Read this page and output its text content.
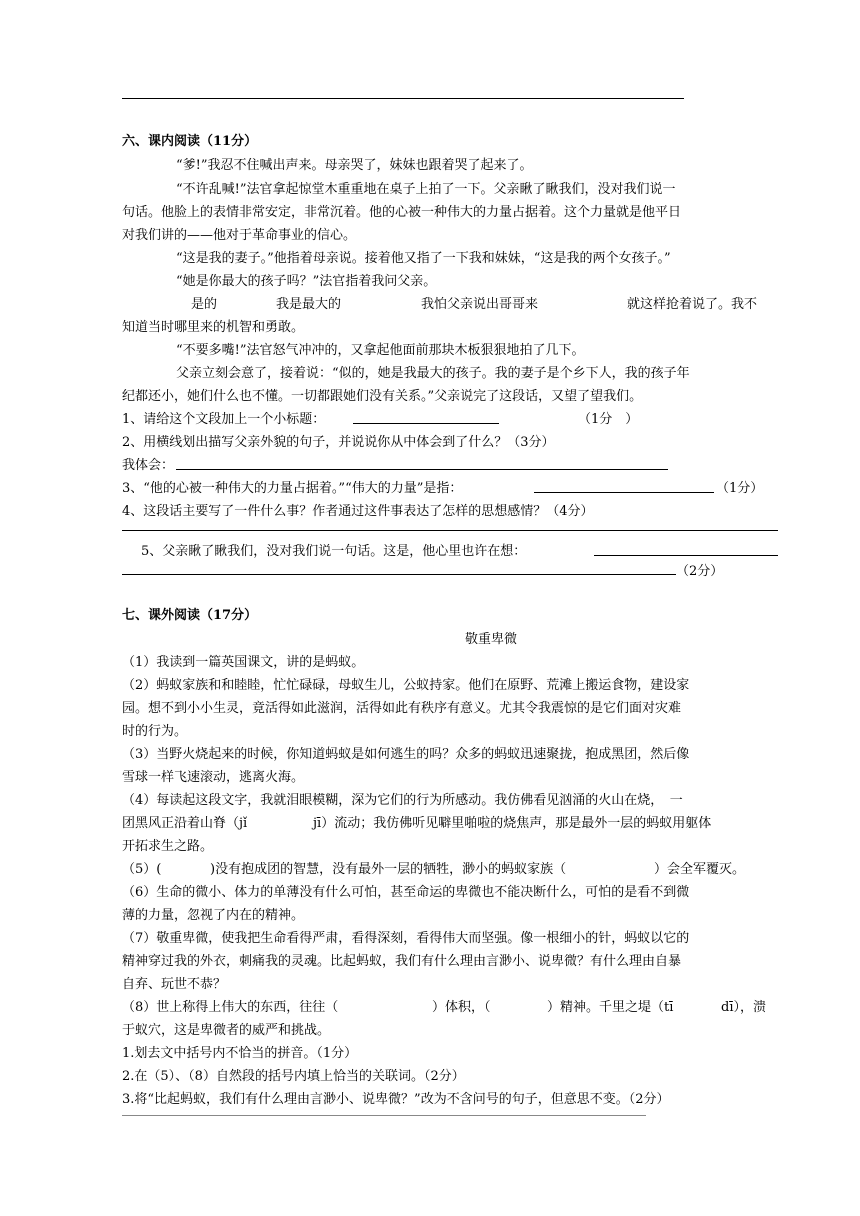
六、课内阅读（11分）
“爹!”我忍不住喊出声来。母亲哭了，妹妹也跟着哭了起来了。
“不许乱喊!”法官拿起惊堂木重重地在桌子上拍了一下。父亲瞅了瞅我们，没对我们说一
句话。他脸上的表情非常安定，非常沉着。他的心被一种伟大的力量占据着。这个力量就是他平日
对我们讲的——他对于革命事业的信心。
“这是我的妻子。”他指着母亲说。接着他又指了一下我和妹妹，“这是我的两个女孩子。”
“她是你最大的孩子吗？”法官指着我问父亲。
是的	我是最大的	我怕父亲说出哥哥来	就这样抢着说了。我不
知道当时哪里来的机智和勇敢。
“不要多嘴!”法官怒气冲冲的，又拿起他面前那块木板狠狠地拍了几下。
父亲立刻会意了，接着说：“似的，她是我最大的孩子。我的妻子是个乡下人，我的孩子年
纪都还小，她们什么也不懂。一切都跟她们没有关系。”父亲说完了这段话，又望了望我们。
1、请给这个文段加上一个小标题：	（1分　）
2、用横线划出描写父亲外貌的句子，并说说你从中体会到了什么？（3分）
我体会：
3、“他的心被一种伟大的力量占据着。”“伟大的力量”是指：	（1分）
4、这段话主要写了一件什么事？作者通过这件事表达了怎样的思想感情？（4分）
5、父亲瞅了瞅我们，没对我们说一句话。这是，他心里也许在想：
（2分）
七、课外阅读（17分）
敬重卑微
（1）我读到一篇英国课文，讲的是蚂蚁。
（2）蚂蚁家族和和睦睦，忙忙碌碌，母蚁生儿，公蚁持家。他们在原野、荒滩上搬运食物，建设家
园。想不到小小生灵，竟活得如此滋润，活得如此有秩序有意义。尤其令我震惊的是它们面对灾难
时的行为。
（3）当野火烧起来的时候，你知道蚂蚁是如何逃生的吗？众多的蚂蚁迅速聚拢，抱成黑团，然后像
雪球一样飞速滚动，逃离火海。
（4）每读起这段文字，我就泪眼模糊，深为它们的行为所感动。我仿佛看见汹涌的火山在烧，　一
团黑风正沿着山脊（jǐ	jī）流动；我仿佛听见噼里啪啦的烧焦声，那是最外一层的蚂蚁用躯体
开拓求生之路。
（5）(	)没有抱成团的智慧，没有最外一层的牺牲，渺小的蚂蚁家族（	）会全军覆灭。
（6）生命的微小、体力的单薄没有什么可怕，甚至命运的卑微也不能决断什么，可怕的是看不到微
薄的力量，忽视了内在的精神。
（7）敬重卑微，使我把生命看得严肃，看得深刻，看得伟大而坚强。像一根细小的针，蚂蚁以它的
精神穿过我的外衣，刺痛我的灵魂。比起蚂蚁，我们有什么理由言渺小、说卑微？有什么理由自暴
自弃、玩世不恭？
（8）世上称得上伟大的东西，往往（	）体积，（	）精神。千里之堤（tī	dī），溃
于蚁穴，这是卑微者的威严和挑战。
1.划去文中括号内不恰当的拼音。（1分）
2.在（5）、（8）自然段的括号内填上恰当的关联词。（2分）
3.将“比起蚂蚁，我们有什么理由言渺小、说卑微？”改为不含问号的句子，但意思不变。（2分）
